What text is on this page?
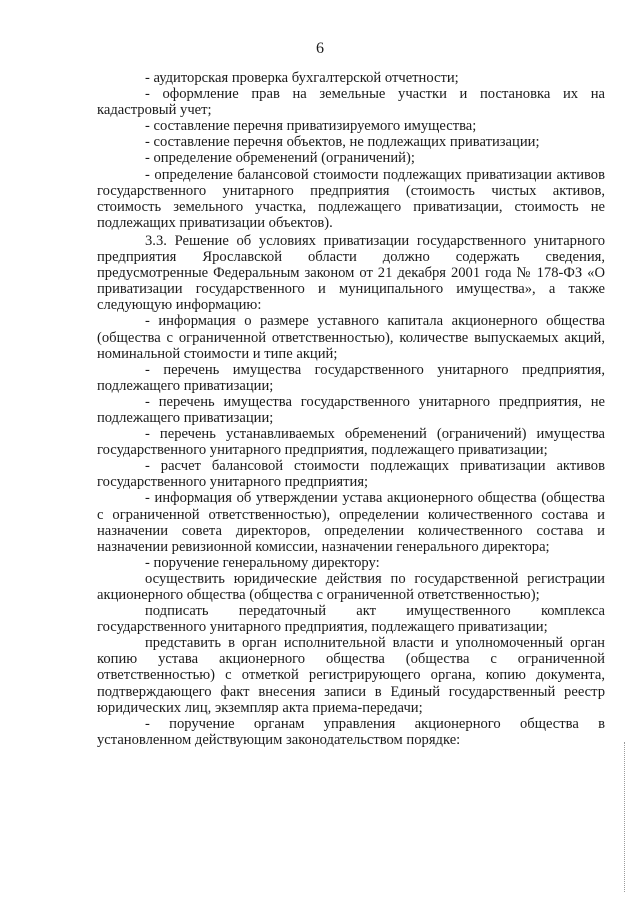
6

- аудиторская проверка бухгалтерской отчетности;

- оформление прав на земельные участки и постановка их на кадастровый учет;

- составление перечня приватизируемого имущества;

- составление перечня объектов, не подлежащих приватизации;

- определение обременений (ограничений);

- определение балансовой стоимости подлежащих приватизации активов государственного унитарного предприятия (стоимость чистых активов, стоимость земельного участка, подлежащего приватизации, стоимость не подлежащих приватизации объектов).

3.3. Решение об условиях приватизации государственного унитарного предприятия Ярославской области должно содержать сведения, предусмотренные Федеральным законом от 21 декабря 2001 года № 178-ФЗ «О приватизации государственного и муниципального имущества», а также следующую информацию:

- информация о размере уставного капитала акционерного общества (общества с ограниченной ответственностью), количестве выпускаемых акций, номинальной стоимости и типе акций;

- перечень имущества государственного унитарного предприятия, подлежащего приватизации;

- перечень имущества государственного унитарного предприятия, не подлежащего приватизации;

- перечень устанавливаемых обременений (ограничений) имущества государственного унитарного предприятия, подлежащего приватизации;

- расчет балансовой стоимости подлежащих приватизации активов государственного унитарного предприятия;

- информация об утверждении устава акционерного общества (общества с ограниченной ответственностью), определении количественного состава и назначении совета директоров, определении количественного состава и назначении ревизионной комиссии, назначении генерального директора;

- поручение генеральному директору:

осуществить юридические действия по государственной регистрации акционерного общества (общества с ограниченной ответственностью);

подписать передаточный акт имущественного комплекса государственного унитарного предприятия, подлежащего приватизации;

представить в орган исполнительной власти и уполномоченный орган копию устава акционерного общества (общества с ограниченной ответственностью) с отметкой регистрирующего органа, копию документа, подтверждающего факт внесения записи в Единый государственный реестр юридических лиц, экземпляр акта приема-передачи;

- поручение органам управления акционерного общества в установленном действующим законодательством порядке:
